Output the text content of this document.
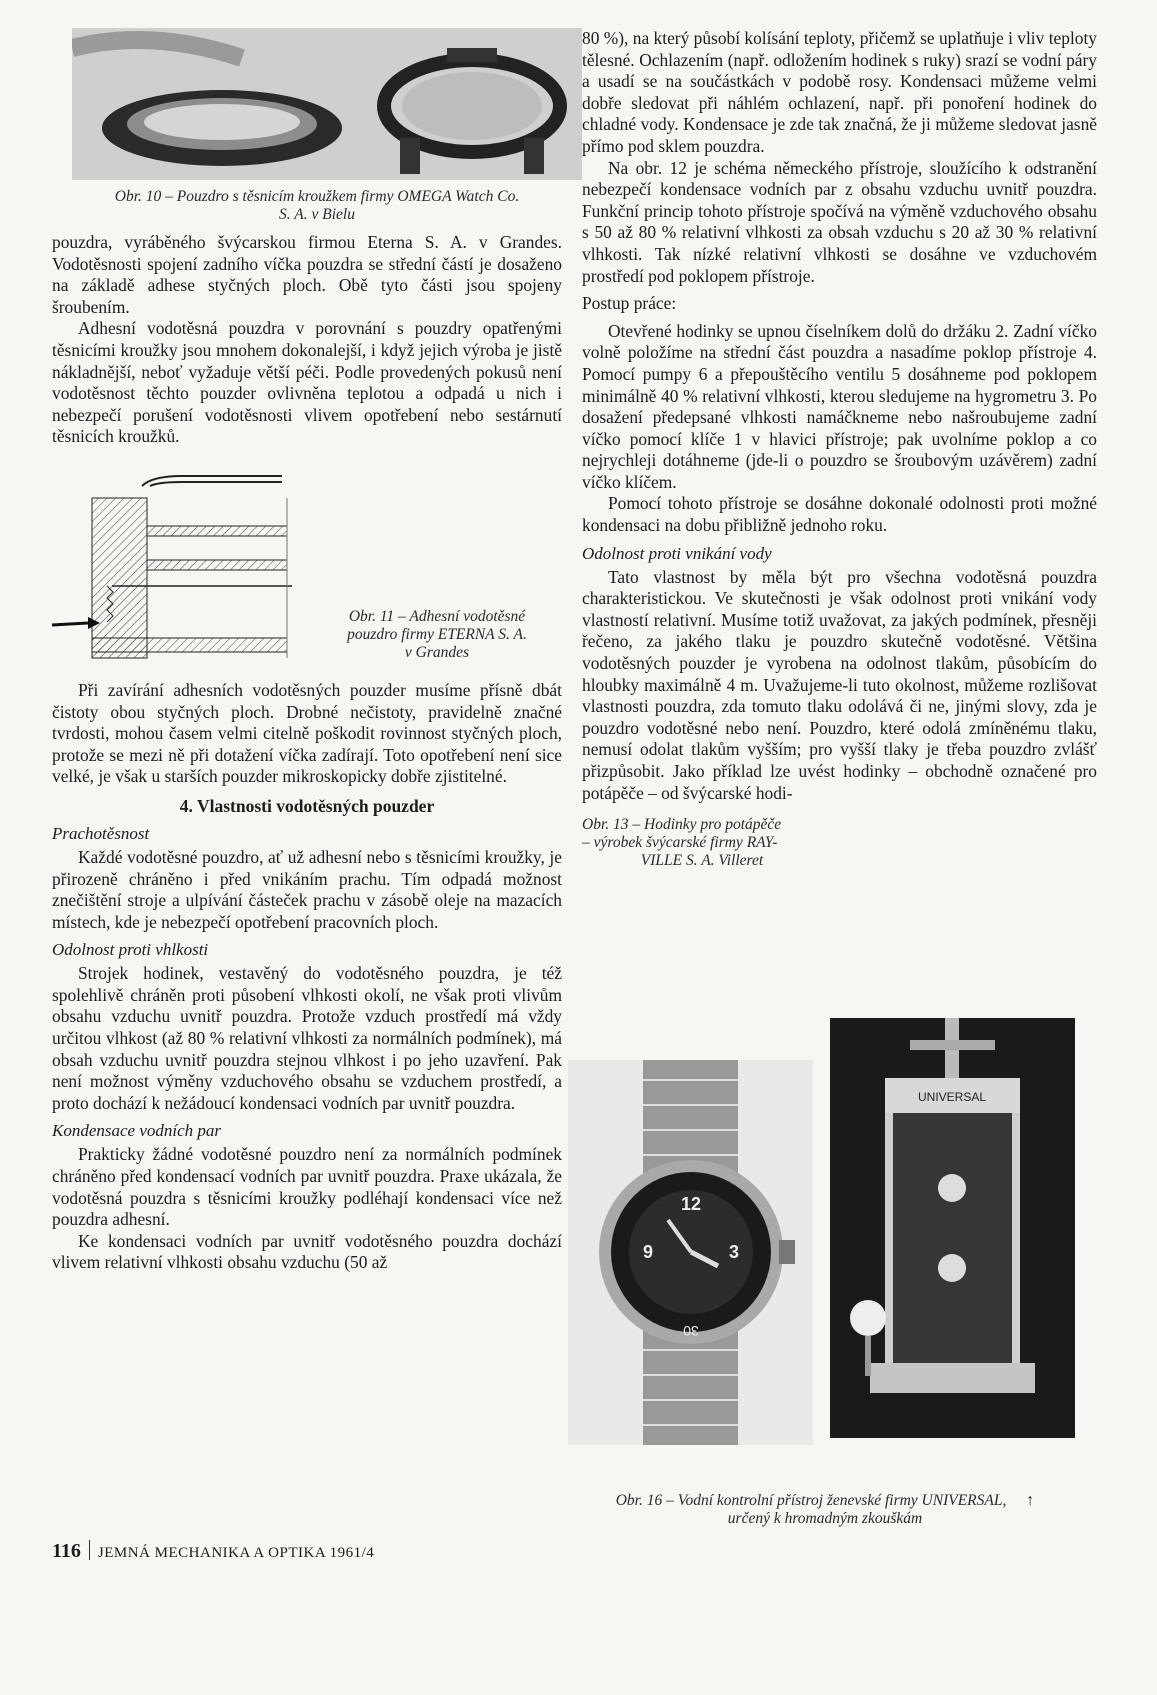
Obr. 10 – Pouzdro s těsnicím kroužkem firmy OMEGA Watch Co.
S. A. v Bielu

pouzdra, vyráběného švýcarskou firmou Eterna S. A. v Grandes. Vodotěsnosti spojení zadního víčka pouzdra se střední částí je dosaženo na základě adhese styčných ploch. Obě tyto části jsou spojeny šroubením.

Adhesní vodotěsná pouzdra v porovnání s pouzdry opatřenými těsnicími kroužky jsou mnohem dokonalejší, i když jejich výroba je jistě nákladnější, neboť vyžaduje větší péči. Podle provedených pokusů není vodotěsnost těchto pouzder ovlivněna teplotou a odpadá u nich i nebezpečí porušení vodotěsnosti vlivem opotřebení nebo sestárnutí těsnicích kroužků.

Obr. 11 – Adhesní vodotěsné
pouzdro firmy ETERNA S. A.
v Grandes

Při zavírání adhesních vodotěsných pouzder musíme přísně dbát čistoty obou styčných ploch. Drobné nečistoty, pravidelně značné tvrdosti, mohou časem velmi citelně poškodit rovinnost styčných ploch, protože se mezi ně při dotažení víčka zadírají. Toto opotřebení není sice velké, je však u starších pouzder mikroskopicky dobře zjistitelné.

4. Vlastnosti vodotěsných pouzder
Prachotěsnost

Každé vodotěsné pouzdro, ať už adhesní nebo s těsnicími kroužky, je přirozeně chráněno i před vnikáním prachu. Tím odpadá možnost znečištění stroje a ulpívání částeček prachu v zásobě oleje na mazacích místech, kde je nebezpečí opotřebení pracovních ploch.

Odolnost proti vhlkosti

Strojek hodinek, vestavěný do vodotěsného pouzdra, je též spolehlivě chráněn proti působení vlhkosti okolí, ne však proti vlivům obsahu vzduchu uvnitř pouzdra. Protože vzduch prostředí má vždy určitou vlhkost (až 80 % relativní vlhkosti za normálních podmínek), má obsah vzduchu uvnitř pouzdra stejnou vlhkost i po jeho uzavření. Pak není možnost výměny vzduchového obsahu se vzduchem prostředí, a proto dochází k nežádoucí kondensaci vodních par uvnitř pouzdra.

Kondensace vodních par

Prakticky žádné vodotěsné pouzdro není za normálních podmínek chráněno před kondensací vodních par uvnitř pouzdra. Praxe ukázala, že vodotěsná pouzdra s těsnicími kroužky podléhají kondensaci více než pouzdra adhesní.

Ke kondensaci vodních par uvnitř vodotěsného pouzdra dochází vlivem relativní vlhkosti obsahu vzduchu (50 až

80 %), na který působí kolísání teploty, přičemž se uplatňuje i vliv teploty tělesné. Ochlazením (např. odložením hodinek s ruky) srazí se vodní páry a usadí se na součástkách v podobě rosy. Kondensaci můžeme velmi dobře sledovat při náhlém ochlazení, např. při ponoření hodinek do chladné vody. Kondensace je zde tak značná, že ji můžeme sledovat jasně přímo pod sklem pouzdra.

Na obr. 12 je schéma německého přístroje, sloužícího k odstranění nebezpečí kondensace vodních par z obsahu vzduchu uvnitř pouzdra. Funkční princip tohoto přístroje spočívá na výměně vzduchového obsahu s 50 až 80 % relativní vlhkosti za obsah vzduchu s 20 až 30 % relativní vlhkosti. Tak nízké relativní vlhkosti se dosáhne ve vzduchovém prostředí pod poklopem přístroje.

Postup práce:

Otevřené hodinky se upnou číselníkem dolů do držáku 2. Zadní víčko volně položíme na střední část pouzdra a nasadíme poklop přístroje 4. Pomocí pumpy 6 a přepouštěcího ventilu 5 dosáhneme pod poklopem minimálně 40 % relativní vlhkosti, kterou sledujeme na hygrometru 3. Po dosažení předepsané vlhkosti namáčkneme nebo našroubujeme zadní víčko pomocí klíče 1 v hlavici přístroje; pak uvolníme poklop a co nejrychleji dotáhneme (jde-li o pouzdro se šroubovým uzávěrem) zadní víčko klíčem.

Pomocí tohoto přístroje se dosáhne dokonalé odolnosti proti možné kondensaci na dobu přibližně jednoho roku.

Odolnost proti vnikání vody

Tato vlastnost by měla být pro všechna vodotěsná pouzdra charakteristickou. Ve skutečnosti je však odolnost proti vnikání vody vlastností relativní. Musíme totiž uvažovat, za jakých podmínek, přesněji řečeno, za jakého tlaku je pouzdro skutečně vodotěsné. Většina vodotěsných pouzder je vyrobena na odolnost tlakům, působícím do hloubky maximálně 4 m. Uvažujeme-li tuto okolnost, můžeme rozlišovat vlastnosti pouzdra, zda tomuto tlaku odolává či ne, jinými slovy, zda je pouzdro vodotěsné nebo není. Pouzdro, které odolá zmíněnému tlaku, nemusí odolat tlakům vyšším; pro vyšší tlaky je třeba pouzdro zvlášť přizpůsobit. Jako příklad lze uvést hodinky – obchodně označené pro potápěče – od švýcarské hodi-

Obr. 13 – Hodinky pro potápěče
– výrobek švýcarské firmy RAY-
VILLE S. A. Villeret
12
9	3
30
UNIVERSAL
Obr. 16 – Vodní kontrolní přístroj ženevské firmy UNIVERSAL, ↑
určený k hromadným zkouškám
116 JEMNÁ MECHANIKA A OPTIKA 1961/4
